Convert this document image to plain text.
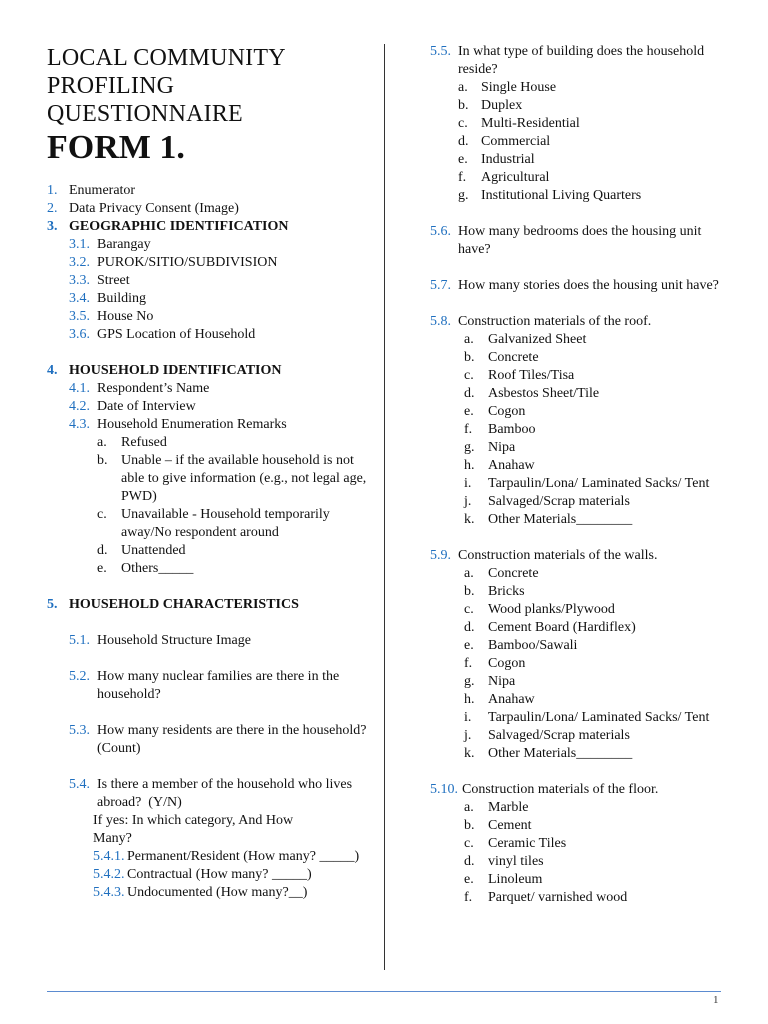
LOCAL COMMUNITY
PROFILING
QUESTIONNAIRE
FORM 1.
1. Enumerator
2. Data Privacy Consent (Image)
3. GEOGRAPHIC IDENTIFICATION
3.1. Barangay
3.2. PUROK/SITIO/SUBDIVISION
3.3. Street
3.4. Building
3.5. House No
3.6. GPS Location of Household
4. HOUSEHOLD IDENTIFICATION
4.1. Respondent’s Name
4.2. Date of Interview
4.3. Household Enumeration Remarks
a. Refused
b. Unable – if the available household is not able to give information (e.g., not legal age, PWD)
c. Unavailable - Household temporarily away/No respondent around
d. Unattended
e. Others_____
5. HOUSEHOLD CHARACTERISTICS
5.1. Household Structure Image
5.2. How many nuclear families are there in the household?
5.3. How many residents are there in the household? (Count)
5.4. Is there a member of the household who lives abroad?  (Y/N)
If yes: In which category, And How Many?
5.4.1. Permanent/Resident (How many? _____)
5.4.2. Contractual (How many? _____)
5.4.3. Undocumented (How many?__)
5.5. In what type of building does the household reside?
a. Single House
b. Duplex
c. Multi-Residential
d. Commercial
e. Industrial
f. Agricultural
g. Institutional Living Quarters
5.6. How many bedrooms does the housing unit have?
5.7. How many stories does the housing unit have?
5.8. Construction materials of the roof.
a. Galvanized Sheet
b. Concrete
c. Roof Tiles/Tisa
d. Asbestos Sheet/Tile
e. Cogon
f. Bamboo
g. Nipa
h. Anahaw
i. Tarpaulin/Lona/ Laminated Sacks/ Tent
j. Salvaged/Scrap materials
k. Other Materials________
5.9. Construction materials of the walls.
a. Concrete
b. Bricks
c. Wood planks/Plywood
d. Cement Board (Hardiflex)
e. Bamboo/Sawali
f. Cogon
g. Nipa
h. Anahaw
i. Tarpaulin/Lona/ Laminated Sacks/ Tent
j. Salvaged/Scrap materials
k. Other Materials________
5.10. Construction materials of the floor.
a. Marble
b. Cement
c. Ceramic Tiles
d. vinyl tiles
e. Linoleum
f. Parquet/ varnished wood
1
